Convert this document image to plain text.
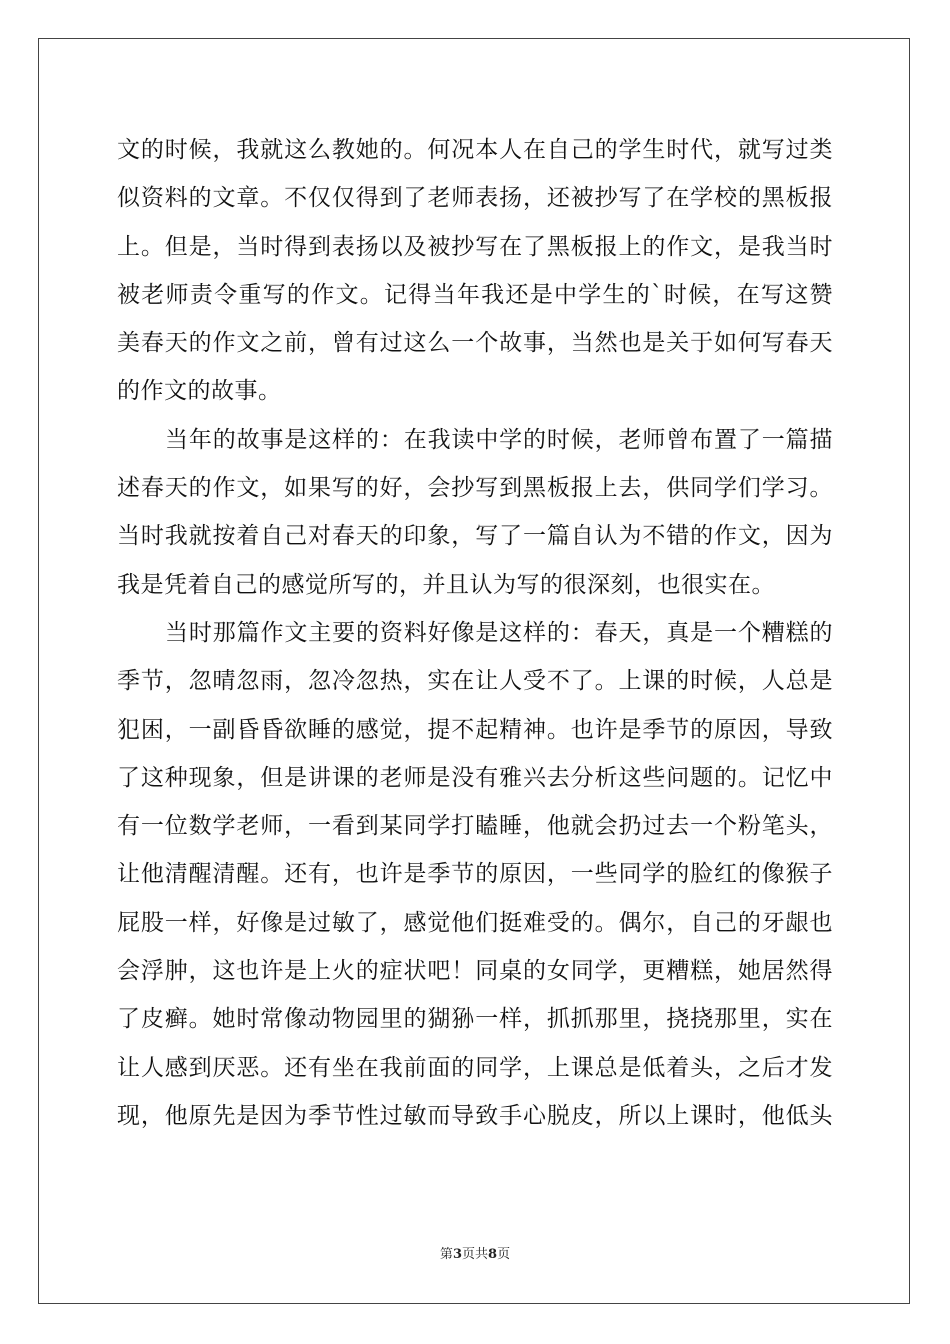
文的时候，我就这么教她的。何况本人在自己的学生时代，就写过类
似资料的文章。不仅仅得到了老师表扬，还被抄写了在学校的黑板报
上。但是，当时得到表扬以及被抄写在了黑板报上的作文，是我当时
被老师责令重写的作文。记得当年我还是中学生的`时候，在写这赞
美春天的作文之前，曾有过这么一个故事，当然也是关于如何写春天
的作文的故事。
当年的故事是这样的：在我读中学的时候，老师曾布置了一篇描
述春天的作文，如果写的好，会抄写到黑板报上去，供同学们学习。
当时我就按着自己对春天的印象，写了一篇自认为不错的作文，因为
我是凭着自己的感觉所写的，并且认为写的很深刻，也很实在。
当时那篇作文主要的资料好像是这样的：春天，真是一个糟糕的
季节，忽晴忽雨，忽冷忽热，实在让人受不了。上课的时候，人总是
犯困，一副昏昏欲睡的感觉，提不起精神。也许是季节的原因，导致
了这种现象，但是讲课的老师是没有雅兴去分析这些问题的。记忆中
有一位数学老师，一看到某同学打瞌睡，他就会扔过去一个粉笔头，
让他清醒清醒。还有，也许是季节的原因，一些同学的脸红的像猴子
屁股一样，好像是过敏了，感觉他们挺难受的。偶尔，自己的牙龈也
会浮肿，这也许是上火的症状吧！同桌的女同学，更糟糕，她居然得
了皮癣。她时常像动物园里的猢狲一样，抓抓那里，挠挠那里，实在
让人感到厌恶。还有坐在我前面的同学，上课总是低着头，之后才发
现，他原先是因为季节性过敏而导致手心脱皮，所以上课时，他低头
第3页共8页
